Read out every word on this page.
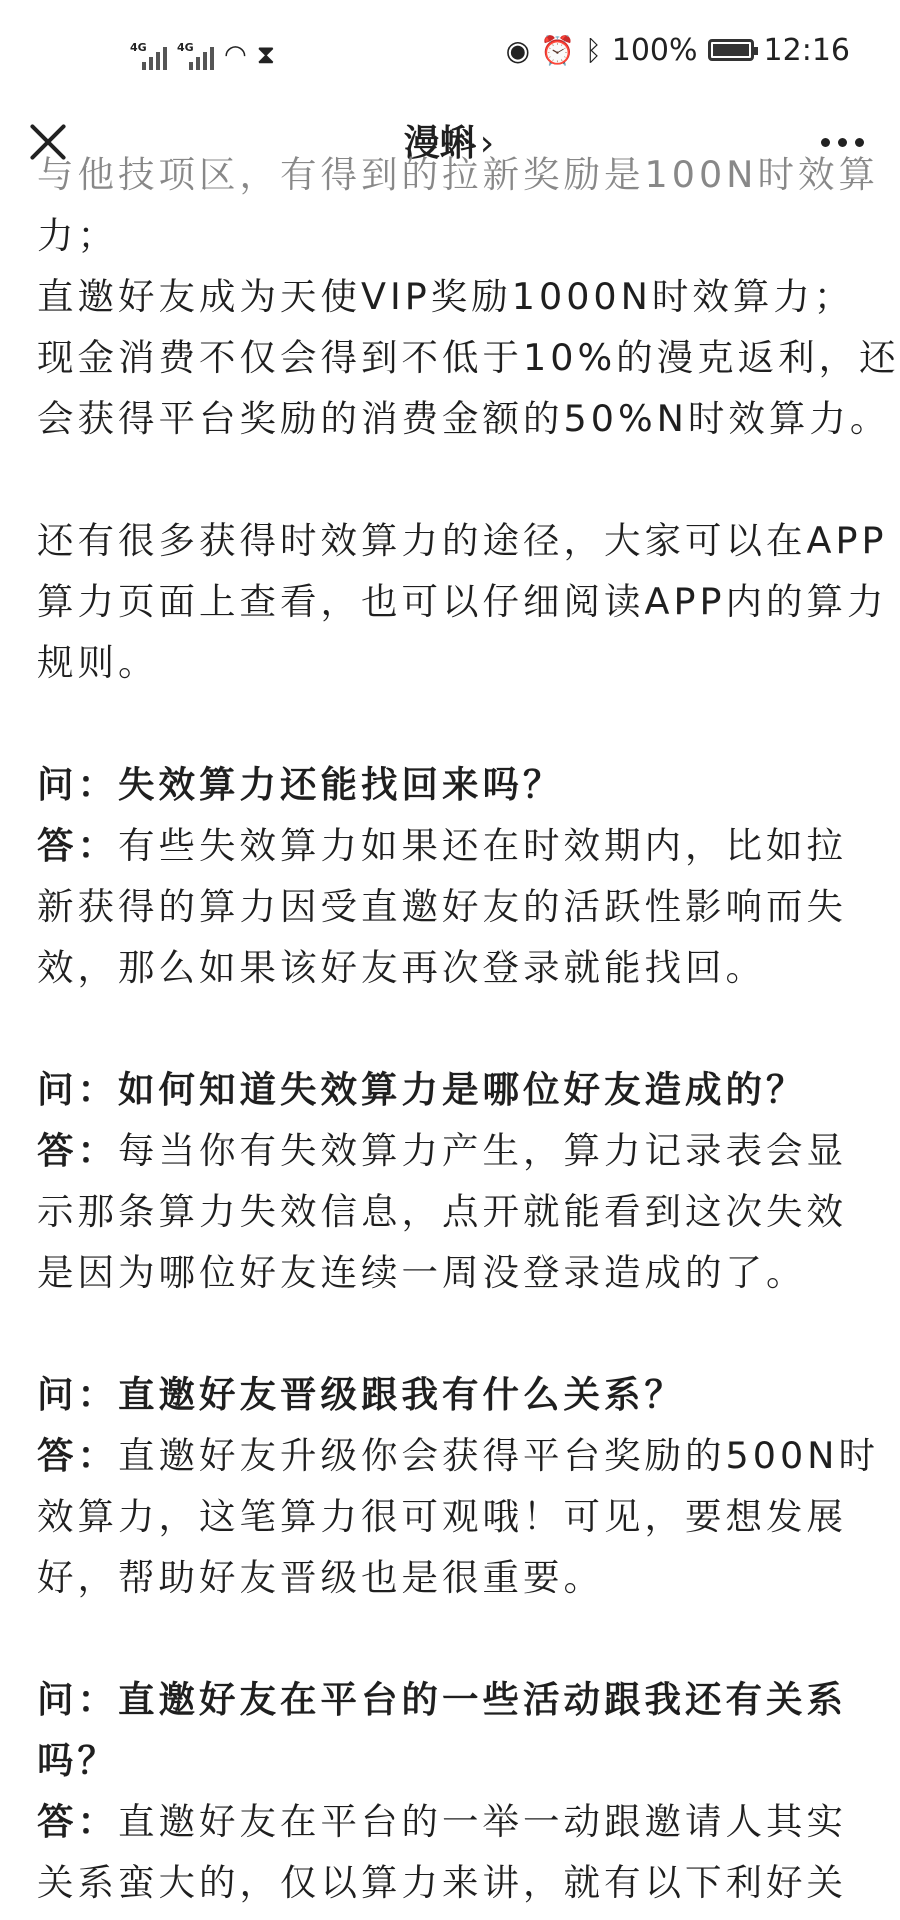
4G	4G ◠ ⧗	◉ ⏰ ᛒ 100% 12:16
漫蝌 ›
与他技项区，有得到的拉新奖励是100N时效算
力；
直邀好友成为天使VIP奖励1000N时效算力；
现金消费不仅会得到不低于10%的漫克返利，还
会获得平台奖励的消费金额的50%N时效算力。
还有很多获得时效算力的途径，大家可以在APP
算力页面上查看，也可以仔细阅读APP内的算力
规则。
问：失效算力还能找回来吗？
答：有些失效算力如果还在时效期内，比如拉
新获得的算力因受直邀好友的活跃性影响而失
效，那么如果该好友再次登录就能找回。
问：如何知道失效算力是哪位好友造成的？
答：每当你有失效算力产生，算力记录表会显
示那条算力失效信息，点开就能看到这次失效
是因为哪位好友连续一周没登录造成的了。
问：直邀好友晋级跟我有什么关系？
答：直邀好友升级你会获得平台奖励的500N时
效算力，这笔算力很可观哦！可见，要想发展
好，帮助好友晋级也是很重要。
问：直邀好友在平台的一些活动跟我还有关系
吗？
答：直邀好友在平台的一举一动跟邀请人其实
关系蛮大的，仅以算力来讲，就有以下利好关
